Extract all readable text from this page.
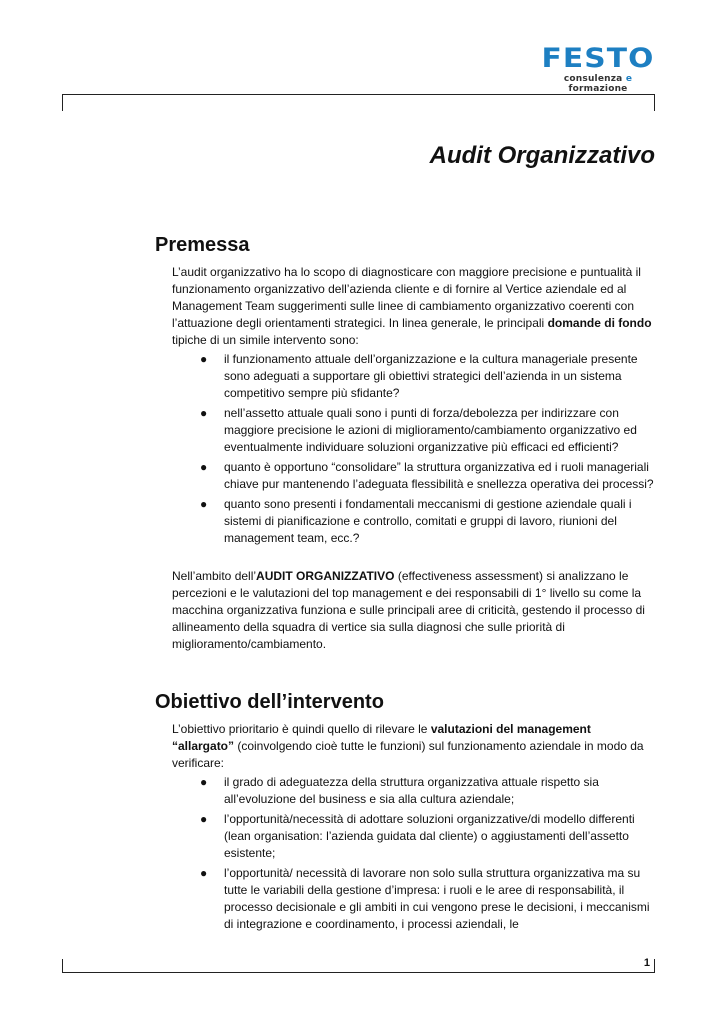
FESTO
consulenza e formazione
Audit Organizzativo
Premessa

L’audit organizzativo ha lo scopo di diagnosticare con maggiore precisione e puntualità il funzionamento organizzativo dell’azienda cliente e di fornire al Vertice aziendale ed al Management Team suggerimenti sulle linee di cambiamento organizzativo coerenti con l’attuazione degli orientamenti strategici. In linea generale, le principali domande di fondo tipiche di un simile intervento sono:

● il funzionamento attuale dell’organizzazione e la cultura manageriale presente sono adeguati a supportare gli obiettivi strategici dell’azienda in un sistema competitivo sempre più sfidante?
● nell’assetto attuale quali sono i punti di forza/debolezza per indirizzare con maggiore precisione le azioni di miglioramento/cambiamento organizzativo ed eventualmente individuare soluzioni organizzative più efficaci ed efficienti?
● quanto è opportuno “consolidare” la struttura organizzativa ed i ruoli manageriali chiave pur mantenendo l’adeguata flessibilità e snellezza operativa dei processi?
● quanto sono presenti i fondamentali meccanismi di gestione aziendale quali i sistemi di pianificazione e controllo, comitati e gruppi di lavoro, riunioni del management team, ecc.?

Nell’ambito dell’AUDIT ORGANIZZATIVO (effectiveness assessment) si analizzano le percezioni e le valutazioni del top management e dei responsabili di 1° livello su come la macchina organizzativa funziona e sulle principali aree di criticità, gestendo il processo di allineamento della squadra di vertice sia sulla diagnosi che sulle priorità di miglioramento/cambiamento.

Obiettivo dell’intervento

L’obiettivo prioritario è quindi quello di rilevare le valutazioni del management “allargato” (coinvolgendo cioè tutte le funzioni) sul funzionamento aziendale in modo da verificare:

● il grado di adeguatezza della struttura organizzativa attuale rispetto sia all’evoluzione del business e sia alla cultura aziendale;
● l’opportunità/necessità di adottare soluzioni organizzative/di modello differenti (lean organisation: l’azienda guidata dal cliente) o aggiustamenti dell’assetto esistente;
● l’opportunità/ necessità di lavorare non solo sulla struttura organizzativa ma su tutte le variabili della gestione d’impresa: i ruoli e le aree di responsabilità, il processo decisionale e gli ambiti in cui vengono prese le decisioni, i meccanismi di integrazione e coordinamento, i processi aziendali, le
1
